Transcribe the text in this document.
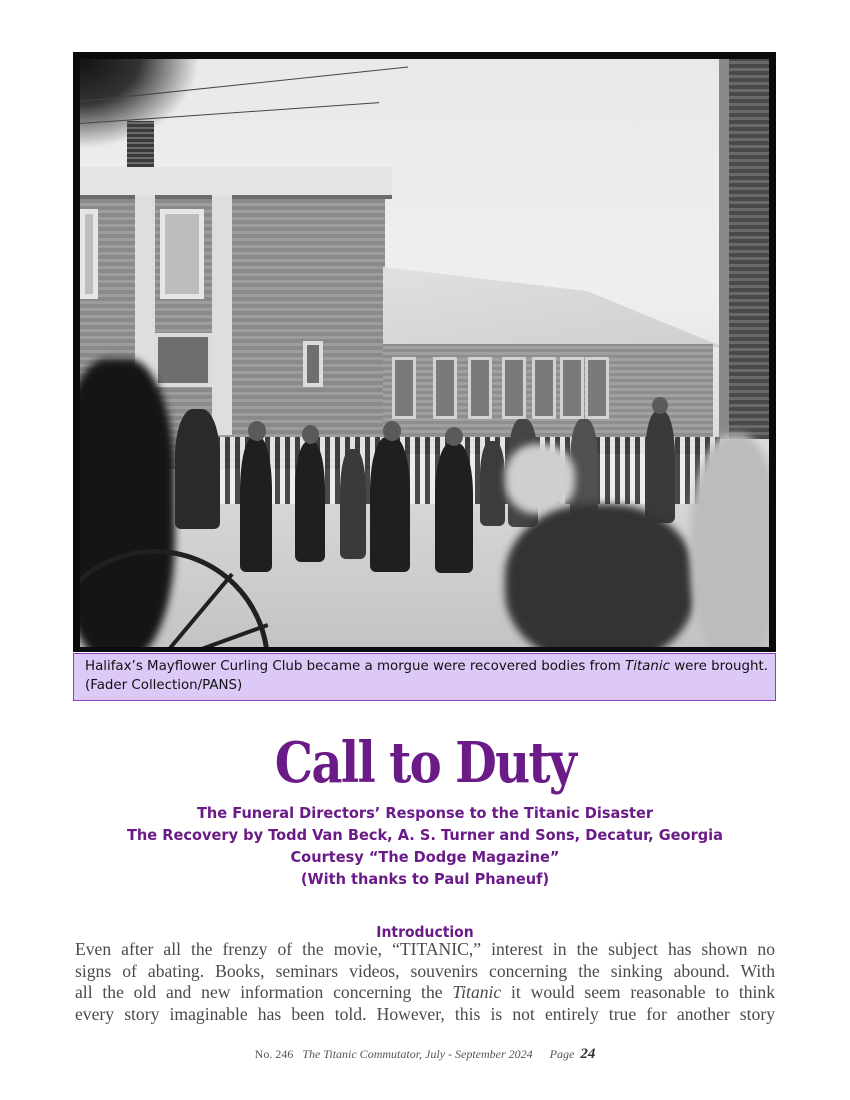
Halifax’s Mayflower Curling Club became a morgue were recovered bodies from Titanic were brought.
(Fader Collection/PANS)
Call to Duty
The Funeral Directors’ Response to the Titanic Disaster
The Recovery by Todd Van Beck, A. S. Turner and Sons, Decatur, Georgia
Courtesy “The Dodge Magazine”
(With thanks to Paul Phaneuf)
Introduction

Even after all the frenzy of the movie, “TITANIC,” interest in the subject has shown no

signs of abating. Books, seminars videos, souvenirs concerning the sinking abound. With

all the old and new information concerning the Titanic it would seem reasonable to think

every story imaginable has been told. However, this is not entirely true for another story

No. 246 The Titanic Commutator, July - September 2024 Page 24
